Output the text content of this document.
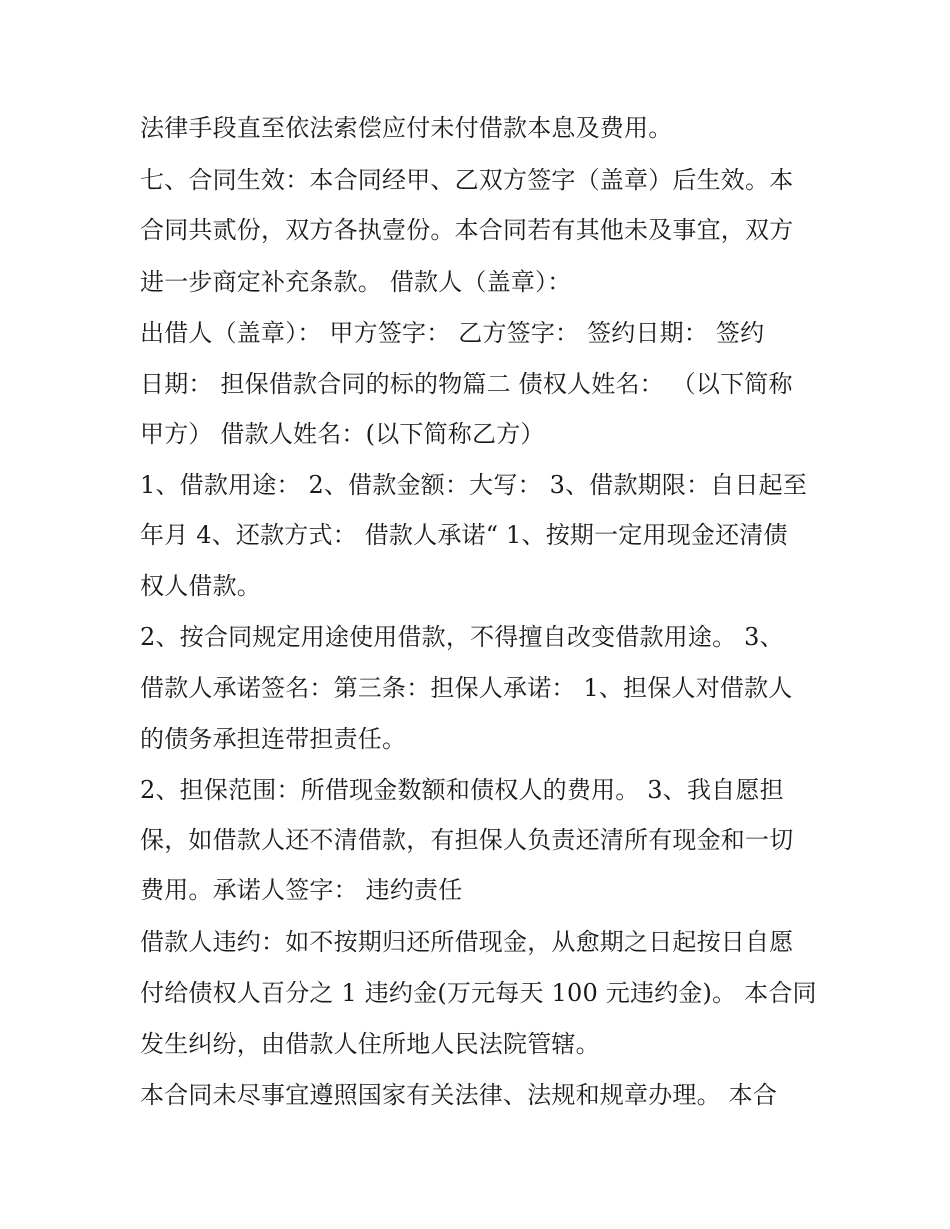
法律手段直至依法索偿应付未付借款本息及费用。

七、合同生效：本合同经甲、乙双方签字（盖章）后生效。本

合同共贰份，双方各执壹份。本合同若有其他未及事宜，双方

进一步商定补充条款。 借款人（盖章）：

出借人（盖章）： 甲方签字： 乙方签字： 签约日期： 签约

日期： 担保借款合同的标的物篇二 债权人姓名： （以下简称

甲方） 借款人姓名：(以下简称乙方）

1、借款用途： 2、借款金额：大写： 3、借款期限：自日起至

年月 4、还款方式： 借款人承诺“ 1、按期一定用现金还清债

权人借款。

2、按合同规定用途使用借款，不得擅自改变借款用途。 3、

借款人承诺签名：第三条：担保人承诺： 1、担保人对借款人

的债务承担连带担责任。

2、担保范围：所借现金数额和债权人的费用。 3、我自愿担

保，如借款人还不清借款，有担保人负责还清所有现金和一切

费用。承诺人签字： 违约责任

借款人违约：如不按期归还所借现金，从愈期之日起按日自愿

付给债权人百分之 1 违约金(万元每天 100 元违约金)。 本合同

发生纠纷，由借款人住所地人民法院管辖。

本合同未尽事宜遵照国家有关法律、法规和规章办理。 本合
